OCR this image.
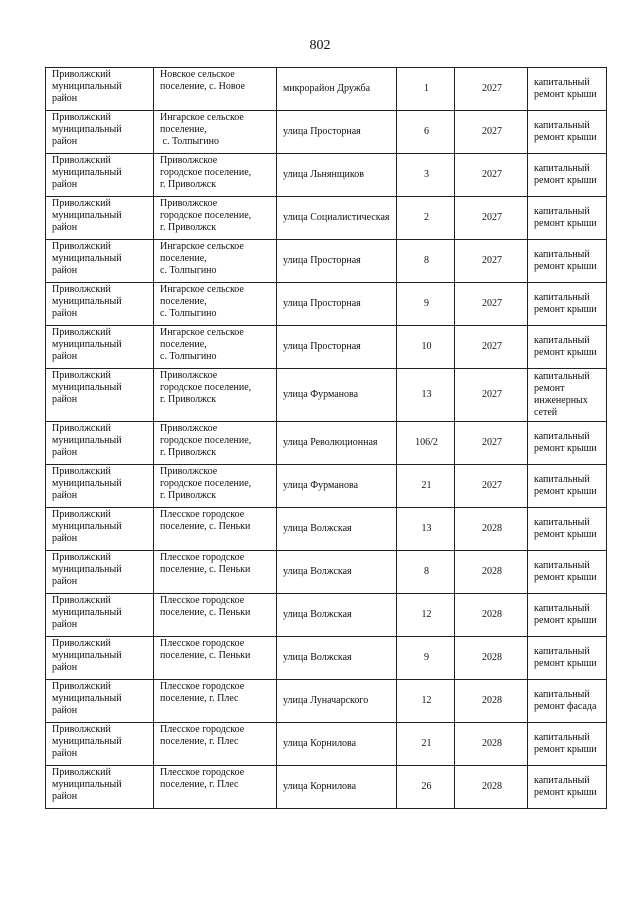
802
Приволжский
муниципальный
район	Новское сельское
поселение, с. Новое	микрорайон Дружба	1	2027	капитальный
ремонт крыши

Приволжский
муниципальный
район	Ингарское сельское
поселение,
с. Толпыгино	улица Просторная	6	2027	капитальный
ремонт крыши

Приволжский
муниципальный
район	Приволжское
городское поселение,
г. Приволжск	улица Льнянщиков	3	2027	капитальный
ремонт крыши

Приволжский
муниципальный
район	Приволжское
городское поселение,
г. Приволжск	улица Социалистическая	2	2027	капитальный
ремонт крыши

Приволжский
муниципальный
район	Ингарское сельское
поселение,
с. Толпыгино	улица Просторная	8	2027	капитальный
ремонт крыши

Приволжский
муниципальный
район	Ингарское сельское
поселение,
с. Толпыгино	улица Просторная	9	2027	капитальный
ремонт крыши

Приволжский
муниципальный
район	Ингарское сельское
поселение,
с. Толпыгино	улица Просторная	10	2027	капитальный
ремонт крыши

Приволжский
муниципальный
район	Приволжское
городское поселение,
г. Приволжск	улица Фурманова	13	2027	капитальный
ремонт
инженерных
сетей

Приволжский
муниципальный
район	Приволжское
городское поселение,
г. Приволжск	улица Революционная	106/2	2027	капитальный
ремонт крыши

Приволжский
муниципальный
район	Приволжское
городское поселение,
г. Приволжск	улица Фурманова	21	2027	капитальный
ремонт крыши

Приволжский
муниципальный
район	Плесское городское
поселение, с. Пеньки	улица Волжская	13	2028	капитальный
ремонт крыши

Приволжский
муниципальный
район	Плесское городское
поселение, с. Пеньки	улица Волжская	8	2028	капитальный
ремонт крыши

Приволжский
муниципальный
район	Плесское городское
поселение, с. Пеньки	улица Волжская	12	2028	капитальный
ремонт крыши

Приволжский
муниципальный
район	Плесское городское
поселение, с. Пеньки	улица Волжская	9	2028	капитальный
ремонт крыши

Приволжский
муниципальный
район	Плесское городское
поселение, г. Плес	улица Луначарского	12	2028	капитальный
ремонт фасада

Приволжский
муниципальный
район	Плесское городское
поселение, г. Плес	улица Корнилова	21	2028	капитальный
ремонт крыши

Приволжский
муниципальный
район	Плесское городское
поселение, г. Плес	улица Корнилова	26	2028	капитальный
ремонт крыши
